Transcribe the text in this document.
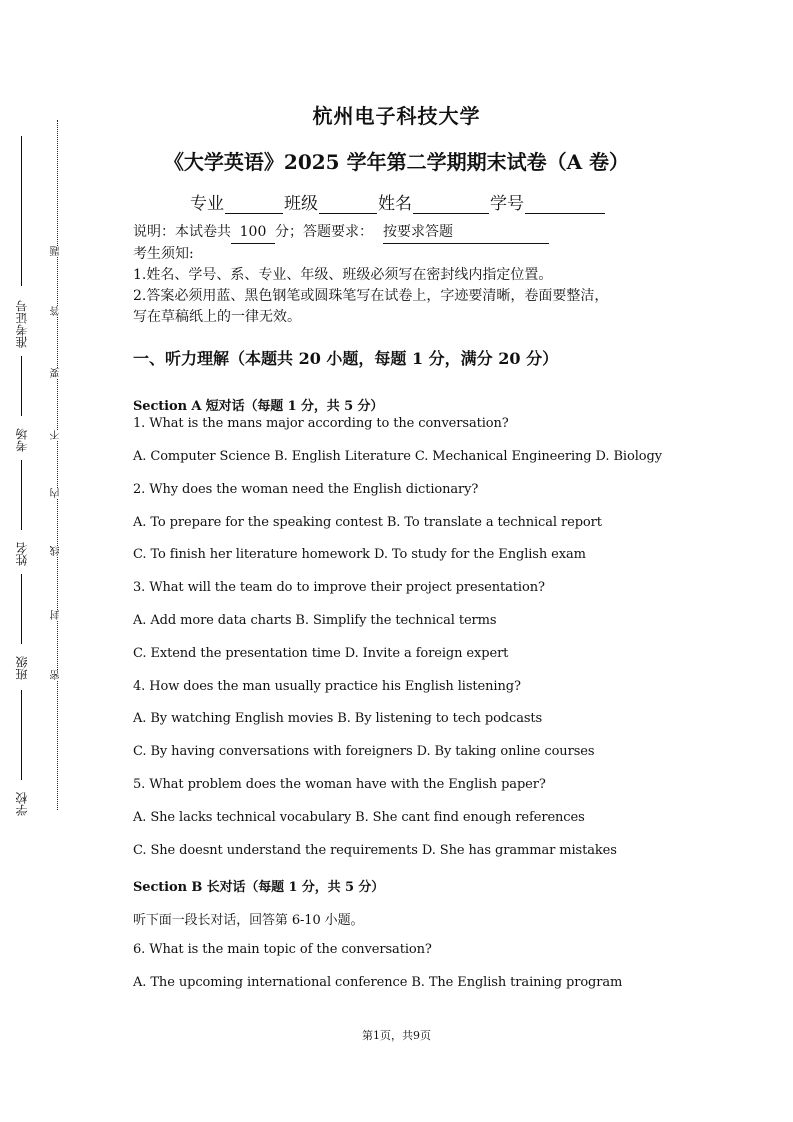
准考证号
考场
姓名
班级
学校
题
答
要
不
内
线
封
密
杭州电子科技大学
《大学英语》2025 学年第二学期期末试卷（A 卷）
专业	班级	姓名	学号
说明：本试卷共 100 分；答题要求： 按要求答题
考生须知:
1.姓名、学号、系、专业、年级、班级必须写在密封线内指定位置。
2.答案必须用蓝、黑色钢笔或圆珠笔写在试卷上，字迹要清晰，卷面要整洁，
写在草稿纸上的一律无效。
一、听力理解（本题共 20 小题，每题 1 分，满分 20 分）
Section A 短对话（每题 1 分，共 5 分）
1. What is the mans major according to the conversation?
A. Computer Science B. English Literature C. Mechanical Engineering D. Biology
2. Why does the woman need the English dictionary?
A. To prepare for the speaking contest B. To translate a technical report
C. To finish her literature homework D. To study for the English exam
3. What will the team do to improve their project presentation?
A. Add more data charts B. Simplify the technical terms
C. Extend the presentation time D. Invite a foreign expert
4. How does the man usually practice his English listening?
A. By watching English movies B. By listening to tech podcasts
C. By having conversations with foreigners D. By taking online courses
5. What problem does the woman have with the English paper?
A. She lacks technical vocabulary B. She cant find enough references
C. She doesnt understand the requirements D. She has grammar mistakes
Section B 长对话（每题 1 分，共 5 分）
听下面一段长对话，回答第 6-10 小题。
6. What is the main topic of the conversation?
A. The upcoming international conference B. The English training program
第1页，共9页
